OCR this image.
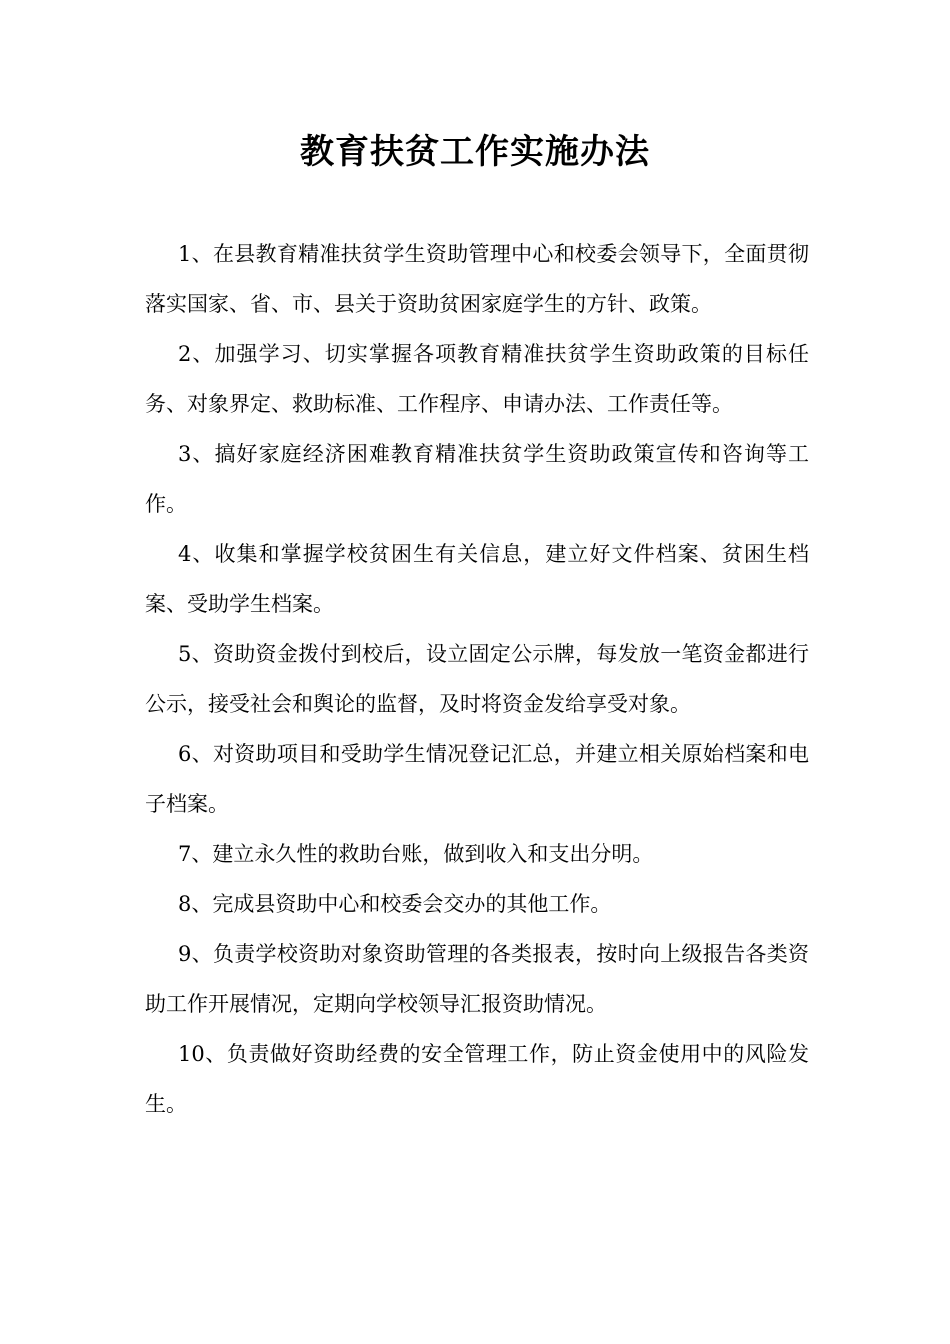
教育扶贫工作实施办法

1、在县教育精准扶贫学生资助管理中心和校委会领导下，全面贯彻落实国家、省、市、县关于资助贫困家庭学生的方针、政策。

2、加强学习、切实掌握各项教育精准扶贫学生资助政策的目标任务、对象界定、救助标准、工作程序、申请办法、工作责任等。

3、搞好家庭经济困难教育精准扶贫学生资助政策宣传和咨询等工作。

4、收集和掌握学校贫困生有关信息，建立好文件档案、贫困生档案、受助学生档案。

5、资助资金拨付到校后，设立固定公示牌，每发放一笔资金都进行公示，接受社会和舆论的监督，及时将资金发给享受对象。

6、对资助项目和受助学生情况登记汇总，并建立相关原始档案和电子档案。

7、建立永久性的救助台账，做到收入和支出分明。

8、完成县资助中心和校委会交办的其他工作。

9、负责学校资助对象资助管理的各类报表，按时向上级报告各类资助工作开展情况，定期向学校领导汇报资助情况。

10、负责做好资助经费的安全管理工作，防止资金使用中的风险发生。
